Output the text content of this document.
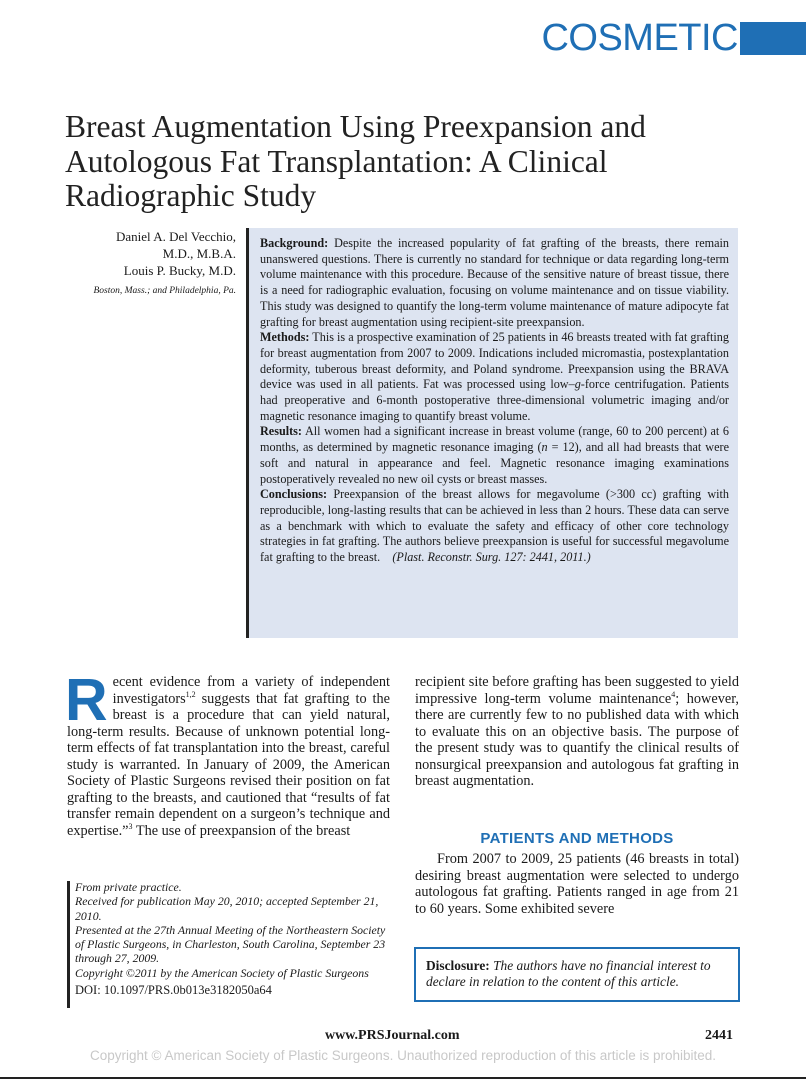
COSMETIC
Breast Augmentation Using Preexpansion and Autologous Fat Transplantation: A Clinical Radiographic Study
Daniel A. Del Vecchio,
M.D., M.B.A.
Louis P. Bucky, M.D.
Boston, Mass.; and Philadelphia, Pa.

Background: Despite the increased popularity of fat grafting of the breasts, there remain unanswered questions. There is currently no standard for technique or data regarding long-term volume maintenance with this procedure. Because of the sensitive nature of breast tissue, there is a need for radiographic evaluation, focusing on volume maintenance and on tissue viability. This study was designed to quantify the long-term volume maintenance of mature adipocyte fat grafting for breast augmentation using recipient-site preexpansion.

Methods: This is a prospective examination of 25 patients in 46 breasts treated with fat grafting for breast augmentation from 2007 to 2009. Indications included micromastia, postexplantation deformity, tuberous breast deformity, and Poland syndrome. Preexpansion using the BRAVA device was used in all patients. Fat was processed using low–g-force centrifugation. Patients had preoperative and 6-month postoperative three-dimensional volumetric imaging and/or magnetic resonance imaging to quantify breast volume.

Results: All women had a significant increase in breast volume (range, 60 to 200 percent) at 6 months, as determined by magnetic resonance imaging (n = 12), and all had breasts that were soft and natural in appearance and feel. Magnetic resonance imaging examinations postoperatively revealed no new oil cysts or breast masses.

Conclusions: Preexpansion of the breast allows for megavolume (>300 cc) grafting with reproducible, long-lasting results that can be achieved in less than 2 hours. These data can serve as a benchmark with which to evaluate the safety and efficacy of other core technology strategies in fat grafting. The authors believe preexpansion is useful for successful megavolume fat grafting to the breast. (Plast. Reconstr. Surg. 127: 2441, 2011.)

Recent evidence from a variety of independent investigators$^{1,2}$ suggests that fat grafting to the breast is a procedure that can yield natural, long-term results. Because of unknown potential long-term effects of fat transplantation into the breast, careful study is warranted. In January of 2009, the American Society of Plastic Surgeons revised their position on fat grafting to the breasts, and cautioned that “results of fat transfer remain dependent on a surgeon’s technique and expertise.”$^3$ The use of preexpansion of the breast

recipient site before grafting has been suggested to yield impressive long-term volume maintenance$^4$; however, there are currently few to no published data with which to evaluate this on an objective basis. The purpose of the present study was to quantify the clinical results of nonsurgical preexpansion and autologous fat grafting in breast augmentation.

PATIENTS AND METHODS

From 2007 to 2009, 25 patients (46 breasts in total) desiring breast augmentation were selected to undergo autologous fat grafting. Patients ranged in age from 21 to 60 years. Some exhibited severe

From private practice.

Received for publication May 20, 2010; accepted September 21, 2010.

Presented at the 27th Annual Meeting of the Northeastern Society of Plastic Surgeons, in Charleston, South Carolina, September 23 through 27, 2009.

Copyright ©2011 by the American Society of Plastic Surgeons

DOI: 10.1097/PRS.0b013e3182050a64

Disclosure: The authors have no financial interest to declare in relation to the content of this article.
www.PRSJournal.com	2441
Copyright © American Society of Plastic Surgeons. Unauthorized reproduction of this article is prohibited.
